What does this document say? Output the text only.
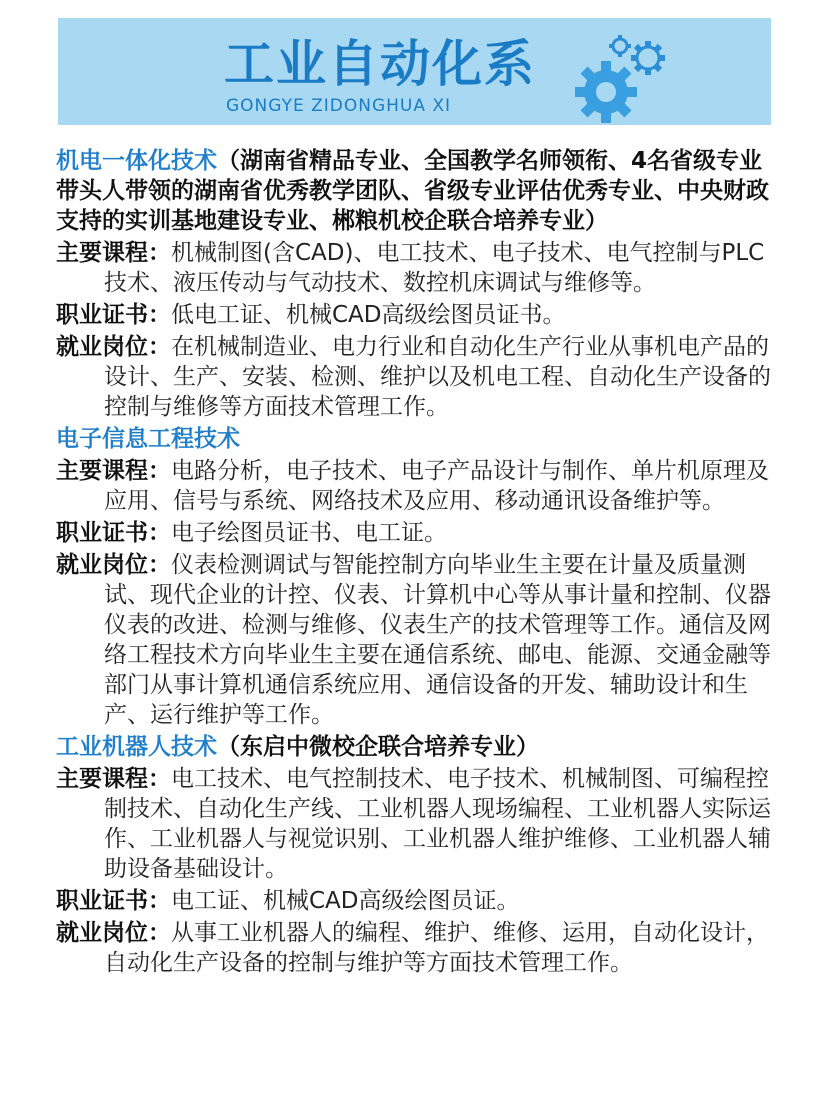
工业自动化系
GONGYE ZIDONGHUA XI

机电一体化技术（湖南省精品专业、全国教学名师领衔、4名省级专业带头人带领的湖南省优秀教学团队、省级专业评估优秀专业、中央财政支持的实训基地建设专业、郴粮机校企联合培养专业）

主要课程：机械制图(含CAD)、电工技术、电子技术、电气控制与PLC技术、液压传动与气动技术、数控机床调试与维修等。

职业证书：低电工证、机械CAD高级绘图员证书。

就业岗位：在机械制造业、电力行业和自动化生产行业从事机电产品的设计、生产、安装、检测、维护以及机电工程、自动化生产设备的控制与维修等方面技术管理工作。

电子信息工程技术

主要课程：电路分析，电子技术、电子产品设计与制作、单片机原理及应用、信号与系统、网络技术及应用、移动通讯设备维护等。

职业证书：电子绘图员证书、电工证。

就业岗位：仪表检测调试与智能控制方向毕业生主要在计量及质量测试、现代企业的计控、仪表、计算机中心等从事计量和控制、仪器仪表的改进、检测与维修、仪表生产的技术管理等工作。通信及网络工程技术方向毕业生主要在通信系统、邮电、能源、交通金融等部门从事计算机通信系统应用、通信设备的开发、辅助设计和生产、运行维护等工作。

工业机器人技术（东启中微校企联合培养专业）

主要课程：电工技术、电气控制技术、电子技术、机械制图、可编程控制技术、自动化生产线、工业机器人现场编程、工业机器人实际运作、工业机器人与视觉识别、工业机器人维护维修、工业机器人辅助设备基础设计。

职业证书：电工证、机械CAD高级绘图员证。

就业岗位：从事工业机器人的编程、维护、维修、运用，自动化设计，自动化生产设备的控制与维护等方面技术管理工作。
